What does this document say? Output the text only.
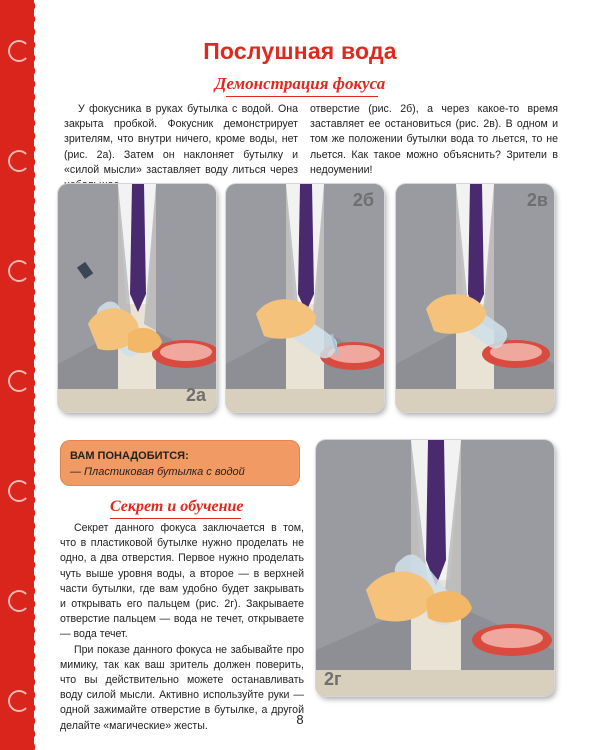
Послушная вода
Демонстрация фокуса

У фокусника в руках бутылка с водой. Она закрыта пробкой. Фокусник демонстрирует зрителям, что внутри ничего, кроме воды, нет (рис. 2а). Затем он наклоняет бутылку и «силой мысли» заставляет воду литься через

отверстие (рис. 2б), а через какое-то время заставляет ее остановиться (рис. 2в). В одном и том же положении бутылки вода то льется, то не льется. Как такое можно объяснить? Зрители в недоумении!

2а
2б	2в
2г
ВАМ ПОНАДОБИТСЯ:
— Пластиковая бутылка с водой
Секрет и обучение

Секрет данного фокуса заключается в том, что в пластиковой бутылке нужно проделать не одно, а два отверстия. Первое нужно проделать чуть выше уровня воды, а второе — в верхней части бутылки, где вам удобно будет закрывать и открывать его пальцем (рис. 2г). Закрываете отверстие пальцем — вода не течет, открываете — вода течет.

При показе данного фокуса не забывайте про мимику, так как ваш зритель должен поверить, что вы действительно можете останавливать воду силой мысли. Активно используйте руки — одной зажимайте отверстие в бутылке, а другой делайте «магические» жесты.	8
